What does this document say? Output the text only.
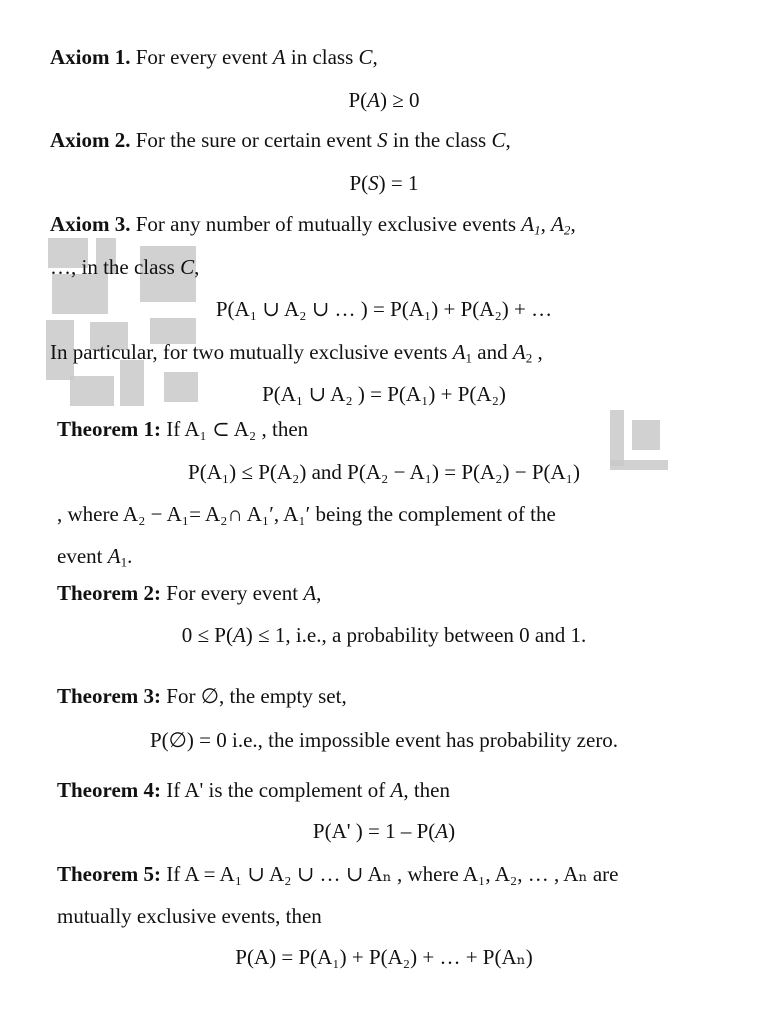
Axiom 1. For every event A in class C,
P(A) ≥ 0
Axiom 2. For the sure or certain event S in the class C,
P(S) = 1
Axiom 3. For any number of mutually exclusive events $A_1$, $A_2$,
…, in the class C,
P(A₁ ∪ A₂ ∪ … ) = P(A₁) + P(A₂) + …
In particular, for two mutually exclusive events $A_1$ and $A_2$ ,
P(A₁ ∪ A₂ ) = P(A₁) + P(A₂)
Theorem 1: If A₁ ⊂ A₂ , then
P(A₁) ≤ P(A₂) and P(A₂ − A₁) = P(A₂) − P(A₁)
, where A₂ − A₁= A₂∩ A₁′, A₁′ being the complement of the
event $A_1$.
Theorem 2: For every event A,
0 ≤ P(A) ≤ 1, i.e., a probability between 0 and 1.
Theorem 3: For ∅, the empty set,
P(∅) = 0 i.e., the impossible event has probability zero.
Theorem 4: If A' is the complement of A, then
P(A' ) = 1 – P(A)
Theorem 5: If A = A₁ ∪ A₂ ∪ … ∪ Aₙ , where A₁, A₂, … , Aₙ are
mutually exclusive events, then
P(A) = P(A₁) + P(A₂) + … + P(Aₙ)
